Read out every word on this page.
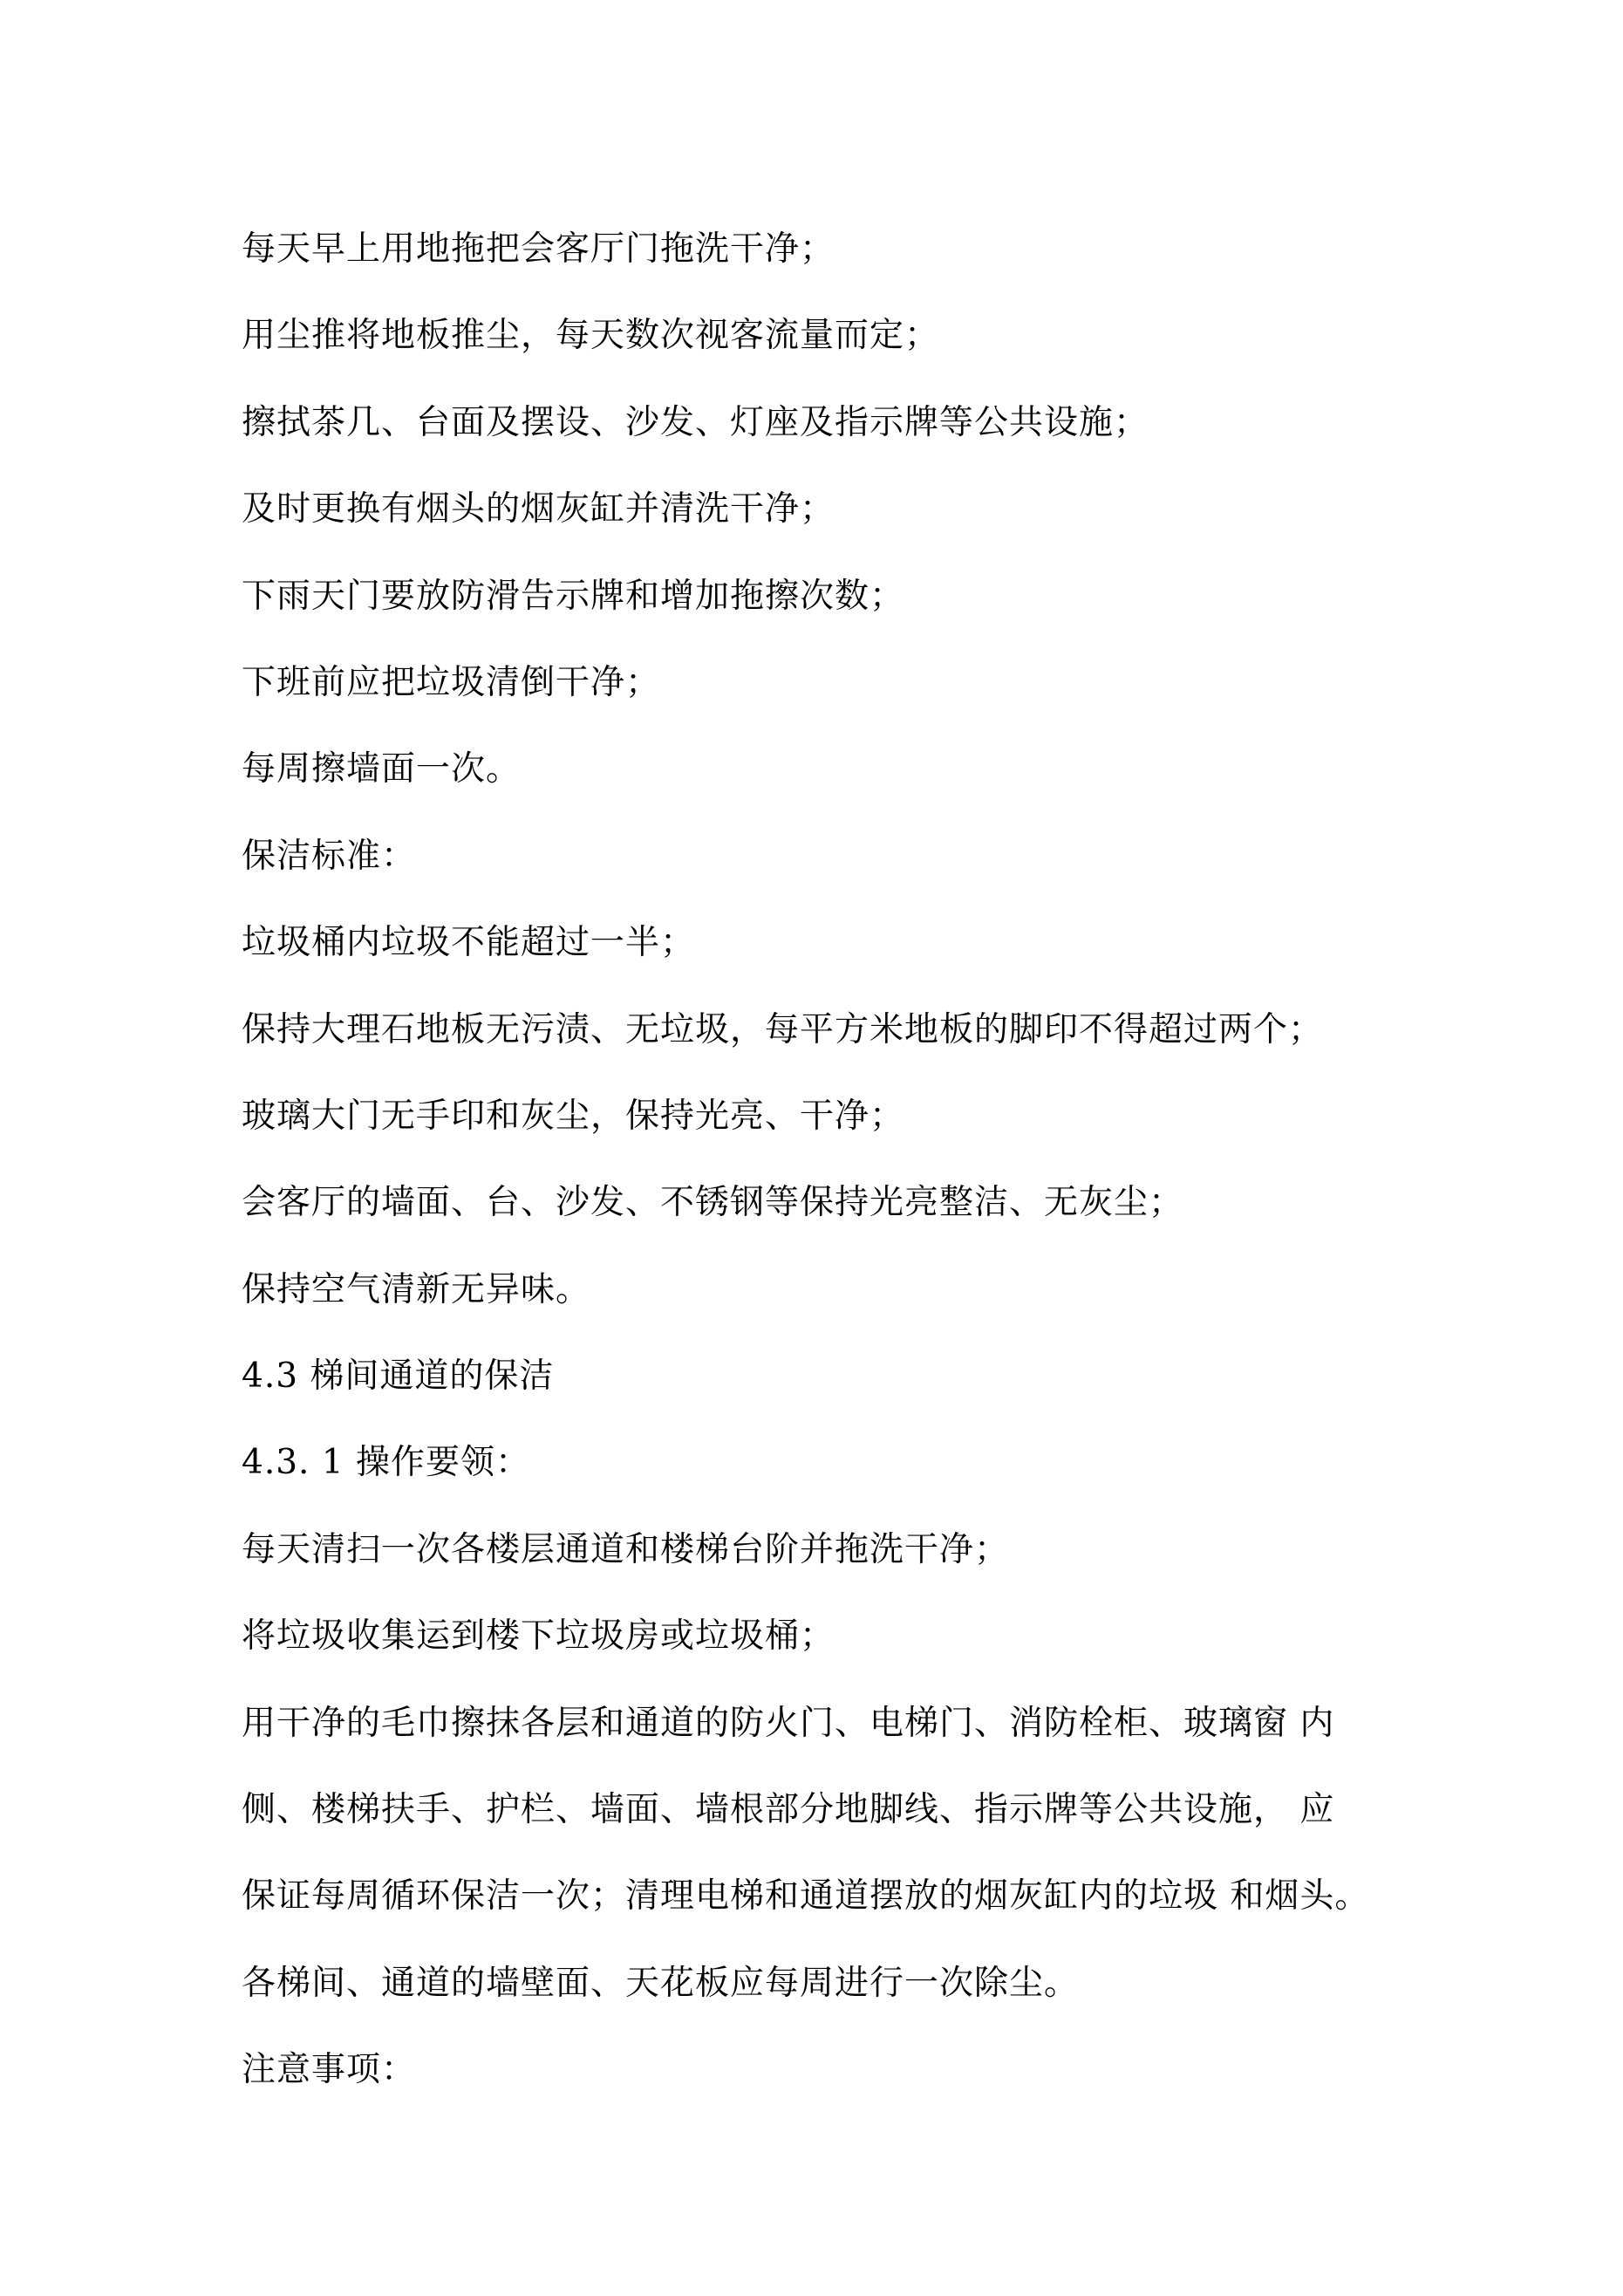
每天早上用地拖把会客厅门拖洗干净；
用尘推将地板推尘，每天数次视客流量而定；
擦拭茶几、台面及摆设、沙发、灯座及指示牌等公共设施；
及时更换有烟头的烟灰缸并清洗干净；
下雨天门要放防滑告示牌和增加拖擦次数；
下班前应把垃圾清倒干净；
每周擦墙面一次。
保洁标准：
垃圾桶内垃圾不能超过一半；
保持大理石地板无污渍、无垃圾，每平方米地板的脚印不得超过两个；
玻璃大门无手印和灰尘，保持光亮、干净；
会客厅的墙面、台、沙发、不锈钢等保持光亮整洁、无灰尘；
保持空气清新无异味。
4.3 梯间通道的保洁
4.3. 1 操作要领：
每天清扫一次各楼层通道和楼梯台阶并拖洗干净；
将垃圾收集运到楼下垃圾房或垃圾桶；
用干净的毛巾擦抹各层和通道的防火门、电梯门、消防栓柜、玻璃窗 内
侧、楼梯扶手、护栏、墙面、墙根部分地脚线、指示牌等公共设施， 应
保证每周循环保洁一次；清理电梯和通道摆放的烟灰缸内的垃圾 和烟头。
各梯间、通道的墙壁面、天花板应每周进行一次除尘。
注意事项：
